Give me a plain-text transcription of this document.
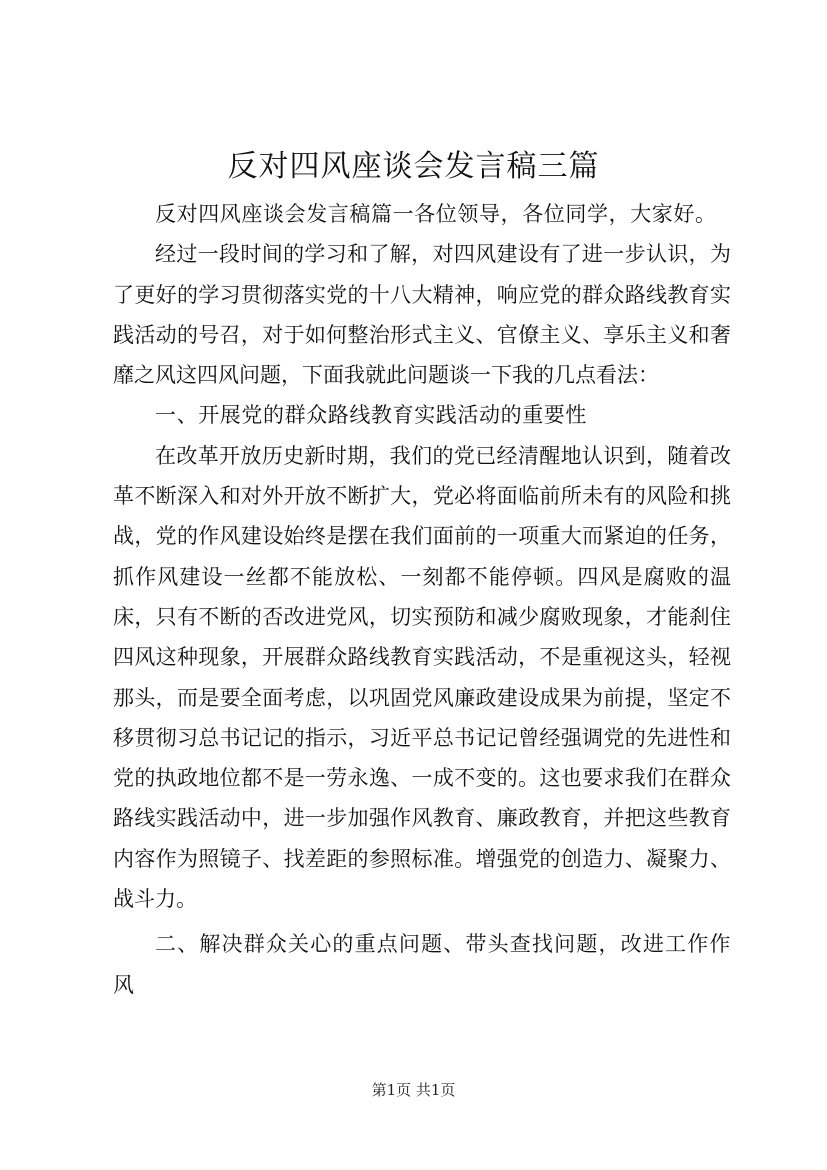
反对四风座谈会发言稿三篇

反对四风座谈会发言稿篇一各位领导，各位同学，大家好。

经过一段时间的学习和了解，对四风建设有了进一步认识，为了更好的学习贯彻落实党的十八大精神，响应党的群众路线教育实践活动的号召，对于如何整治形式主义、官僚主义、享乐主义和奢靡之风这四风问题，下面我就此问题谈一下我的几点看法：

一、开展党的群众路线教育实践活动的重要性

在改革开放历史新时期，我们的党已经清醒地认识到，随着改革不断深入和对外开放不断扩大，党必将面临前所未有的风险和挑战，党的作风建设始终是摆在我们面前的一项重大而紧迫的任务，抓作风建设一丝都不能放松、一刻都不能停顿。四风是腐败的温床，只有不断的否改进党风，切实预防和减少腐败现象，才能刹住四风这种现象，开展群众路线教育实践活动，不是重视这头，轻视那头，而是要全面考虑，以巩固党风廉政建设成果为前提，坚定不移贯彻习总书记记的指示，习近平总书记记曾经强调党的先进性和党的执政地位都不是一劳永逸、一成不变的。这也要求我们在群众路线实践活动中，进一步加强作风教育、廉政教育，并把这些教育内容作为照镜子、找差距的参照标准。增强党的创造力、凝聚力、战斗力。

二、解决群众关心的重点问题、带头查找问题，改进工作作风

第1页 共1页
